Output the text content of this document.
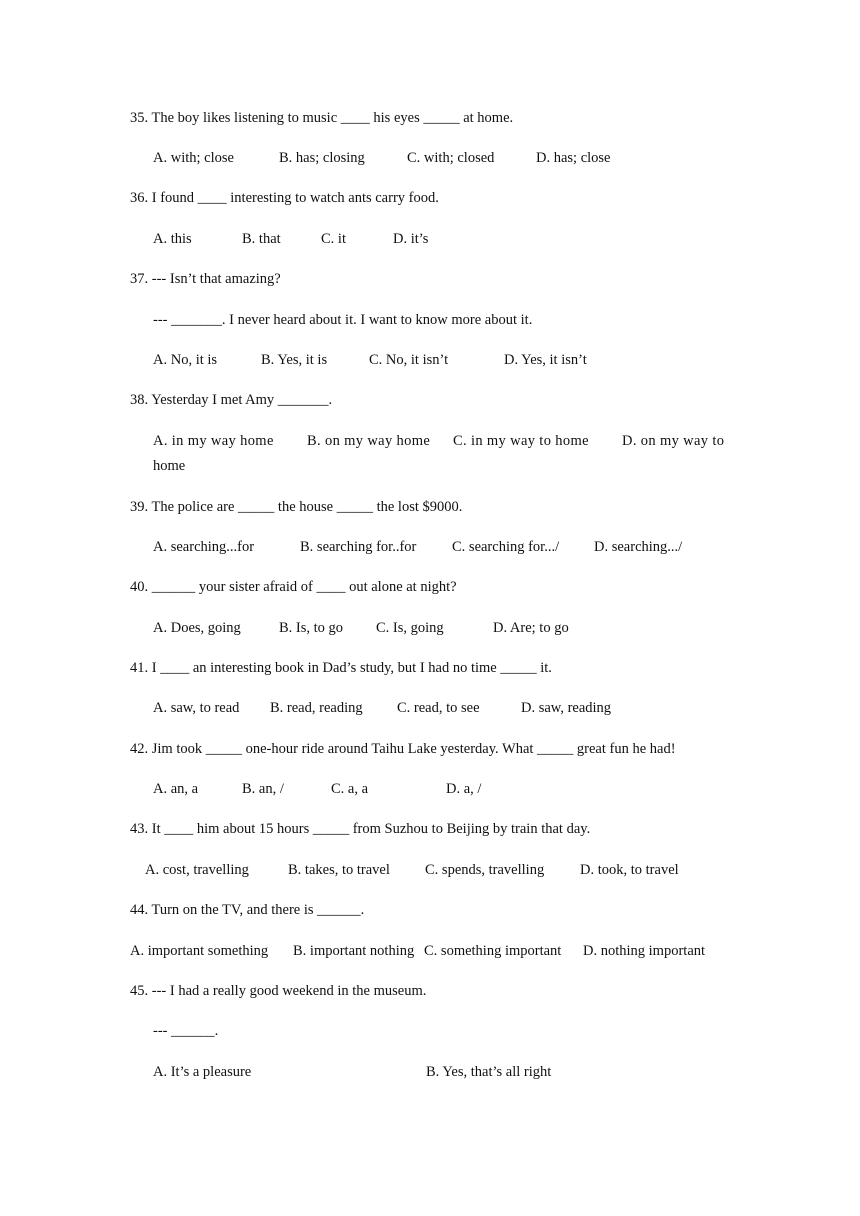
35. The boy likes listening to music ____ his eyes _____ at home.
A. with; close	B. has; closing	C. with; closed	D. has; close
36. I found ____ interesting to watch ants carry food.
A. this	B. that	C. it	D. it’s
37. --- Isn’t that amazing?
--- _______. I never heard about it. I want to know more about it.
A. No, it is	B. Yes, it is	C. No, it isn’t	D. Yes, it isn’t
38. Yesterday I met Amy _______.
A. in my way home B. on my way home C. in my way to home D. on my way to
home
39. The police are _____ the house _____ the lost $9000.
A. searching...for	B. searching for..for C. searching for.../ D. searching.../
40. ______ your sister afraid of ____ out alone at night?
A. Does, going	B. Is, to go C. Is, going	D. Are; to go
41. I ____ an interesting book in Dad’s study, but I had no time _____ it.
A. saw, to read B. read, reading C. read, to see	D. saw, reading
42. Jim took _____ one-hour ride around Taihu Lake yesterday. What _____ great fun he had!
A. an, a	B. an, /	C. a, a	D. a, /
43. It ____ him about 15 hours _____ from Suzhou to Beijing by train that day.
A. cost, travelling	B. takes, to travel C. spends, travelling D. took, to travel
44. Turn on the TV, and there is ______.
A. important something B. important nothing C. something important D. nothing important
45. --- I had a really good weekend in the museum.
--- ______.
A. It’s a pleasure	B. Yes, that’s all right
